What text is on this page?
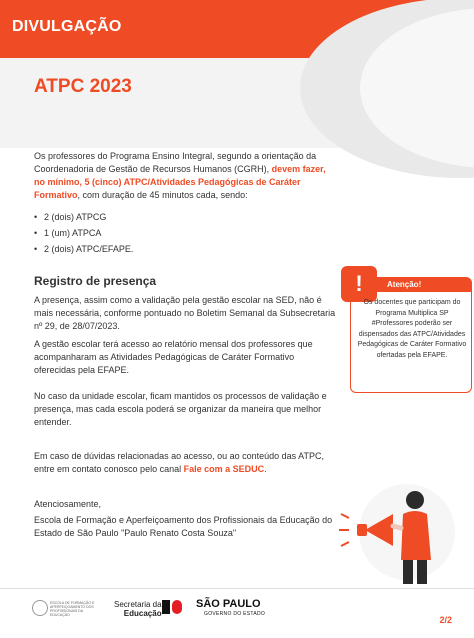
DIVULGAÇÃO
ATPC 2023
Os professores do Programa Ensino Integral, segundo a orientação da Coordenadoria de Gestão de Recursos Humanos (CGRH), devem fazer, no mínimo, 5 (cinco) ATPC/Atividades Pedagógicas de Caráter Formativo, com duração de 45 minutos cada, sendo:
• 2 (dois) ATPCG
• 1 (um) ATPCA
• 2 (dois) ATPC/EFAPE.
Registro de presença
A presença, assim como a validação pela gestão escolar na SED, não é mais necessária, conforme pontuado no Boletim Semanal da Subsecretaria nº 29, de 28/07/2023.
A gestão escolar terá acesso ao relatório mensal dos professores que acompanharam as Atividades Pedagógicas de Caráter Formativo oferecidas pela EFAPE.
No caso da unidade escolar, ficam mantidos os processos de validação e presença, mas cada escola poderá se organizar da maneira que melhor entender.
Em caso de dúvidas relacionadas ao acesso, ou ao conteúdo das ATPC, entre em contato conosco pelo canal Fale com a SEDUC.
Atenciosamente,
Escola de Formação e Aperfeiçoamento dos Profissionais da Educação do Estado de São Paulo "Paulo Renato Costa Souza"
Atenção!
!
Os docentes que participam do Programa Multiplica SP #Professores poderão ser dispensados das ATPC/Atividades Pedagógicas de Caráter Formativo ofertadas pela EFAPE.
ESCOLA DE FORMAÇÃO E APERFEIÇOAMENTO DOS PROFISSIONAIS DA EDUCAÇÃO
Secretaria da
Educação
SÃO PAULO
GOVERNO DO ESTADO
2/2
